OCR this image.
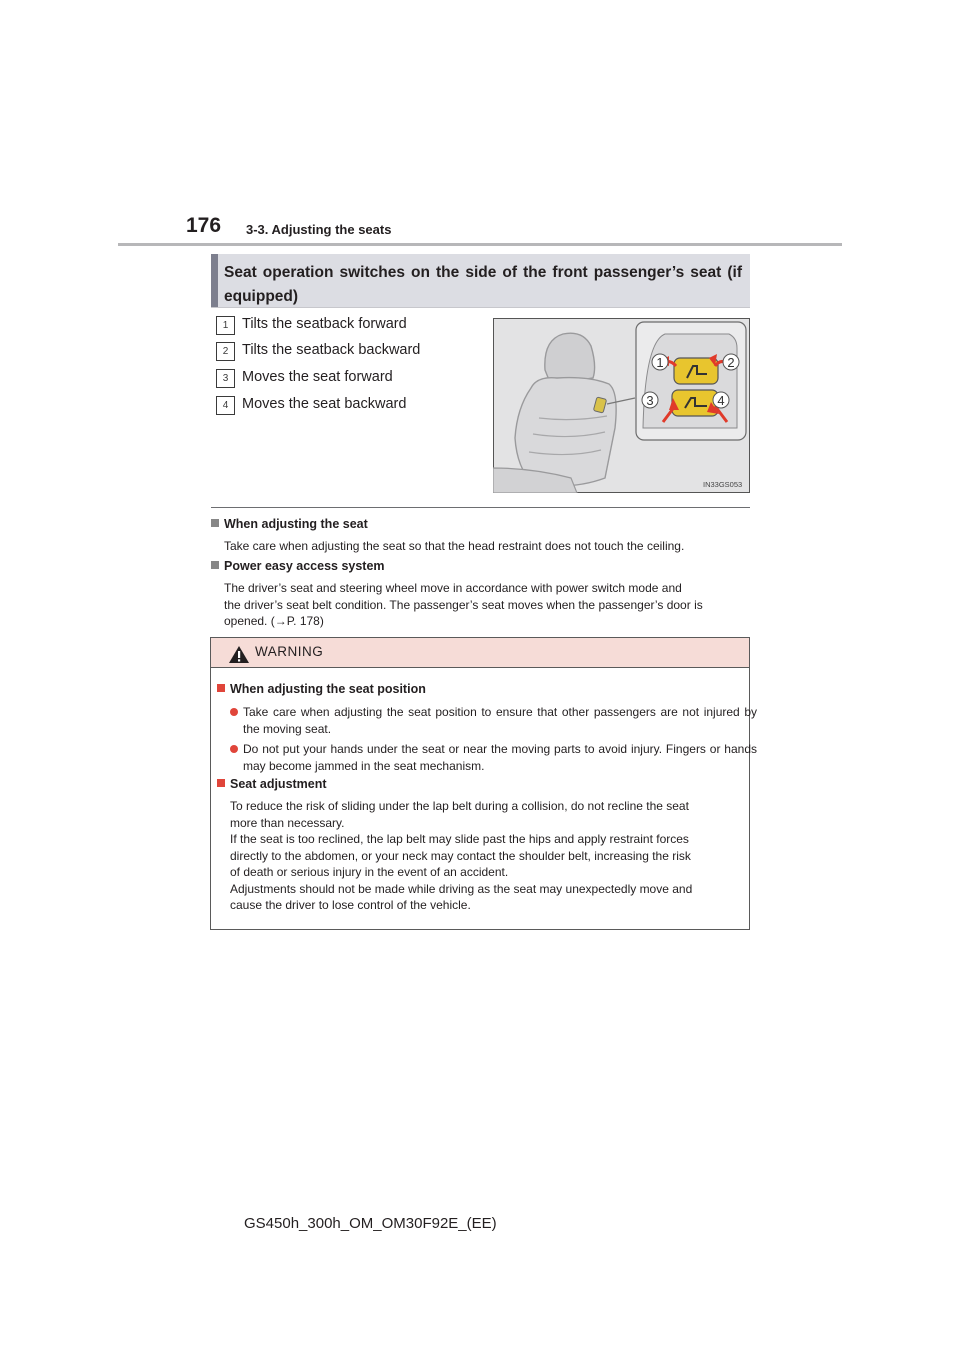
176 3-3. Adjusting the seats
Seat operation switches on the side of the front passenger’s seat (if equipped)
1 Tilts the seatback forward
2 Tilts the seatback backward
3 Moves the seat forward
4 Moves the seat backward
1	2
3	4
IN33GS053
When adjusting the seat
Take care when adjusting the seat so that the head restraint does not touch the ceiling.
Power easy access system
The driver’s seat and steering wheel move in accordance with power switch mode and
the driver’s seat belt condition. The passenger’s seat moves when the passenger’s door is
opened. (→P. 178)
WARNING
When adjusting the seat position
Take care when adjusting the seat position to ensure that other passengers are not injured by the moving seat.
Do not put your hands under the seat or near the moving parts to avoid injury. Fingers or hands may become jammed in the seat mechanism.
Seat adjustment
To reduce the risk of sliding under the lap belt during a collision, do not recline the seat
more than necessary.
If the seat is too reclined, the lap belt may slide past the hips and apply restraint forces
directly to the abdomen, or your neck may contact the shoulder belt, increasing the risk
of death or serious injury in the event of an accident.
Adjustments should not be made while driving as the seat may unexpectedly move and
cause the driver to lose control of the vehicle.
GS450h_300h_OM_OM30F92E_(EE)
